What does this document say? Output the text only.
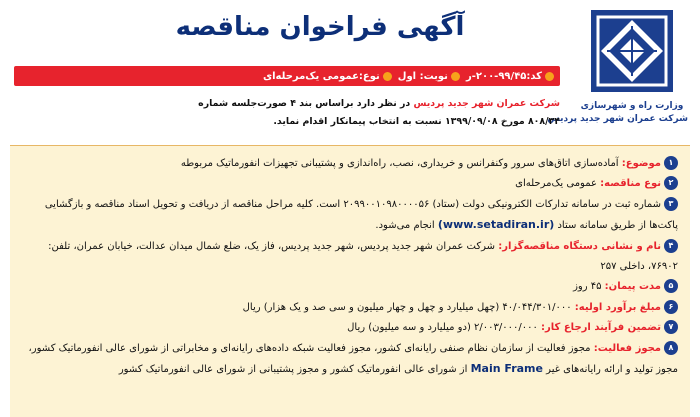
وزارت راه و شهرسازی
شرکت عمران شهر جدید پردیس
آگهی فراخوان مناقصه
کد:۹۹/۴۵-۲۰۰-ر
نوبت: اول
نوع:عمومی یک‌مرحله‌ای
شرکت عمران شهر جدید پردیس در نظر دارد براساس بند ۴ صورت‌جلسه شماره
۸۰۸/۳۴ مورخ ۱۳۹۹/۰۹/۰۸ نسبت به انتخاب پیمانکار اقدام نماید.

۱موضوع: آماده‌سازی اتاق‌های سرور وکنفرانس و خریداری، نصب، راه‌اندازی و پشتیبانی تجهیزات انفورماتیک مربوطه

۲نوع مناقصه: عمومی یک‌مرحله‌ای

۳شماره ثبت در سامانه تدارکات الکترونیکی دولت (ستاد) ۲۰۹۹۰۰۱۰۹۸۰۰۰۰۵۶ است. کلیه مراحل مناقصه از دریافت و تحویل اسناد مناقصه و بازگشایی پاکت‌ها از طریق سامانه ستاد (www.setadiran.ir) انجام می‌شود.

۴نام و نشانی دستگاه مناقصه‌گزار: شرکت عمران شهر جدید پردیس، شهر جدید پردیس، فاز یک، ضلع شمال میدان عدالت، خیابان عمران، تلفن: ۷۶۹۰۲، داخلی ۲۵۷

۵مدت پیمان: ۴۵ روز

۶مبلغ برآورد اولیه: ۴۰/۰۴۴/۳۰۱/۰۰۰ (چهل میلیارد و چهل و چهار میلیون و سی صد و یک هزار) ریال

۷تضمین فرآیند ارجاع کار: ۲/۰۰۳/۰۰۰/۰۰۰ (دو میلیارد و سه میلیون) ریال

۸مجوز فعالیت: مجوز فعالیت از سازمان نظام صنفی رایانه‌ای کشور، مجوز فعالیت شبکه داده‌های رایانه‌ای و مخابراتی از شورای عالی انفورماتیک کشور، مجوز تولید و ارائه رایانه‌های غیر Main Frame از شورای عالی انفورماتیک کشور و مجوز پشتیبانی از شورای عالی انفورماتیک کشور
